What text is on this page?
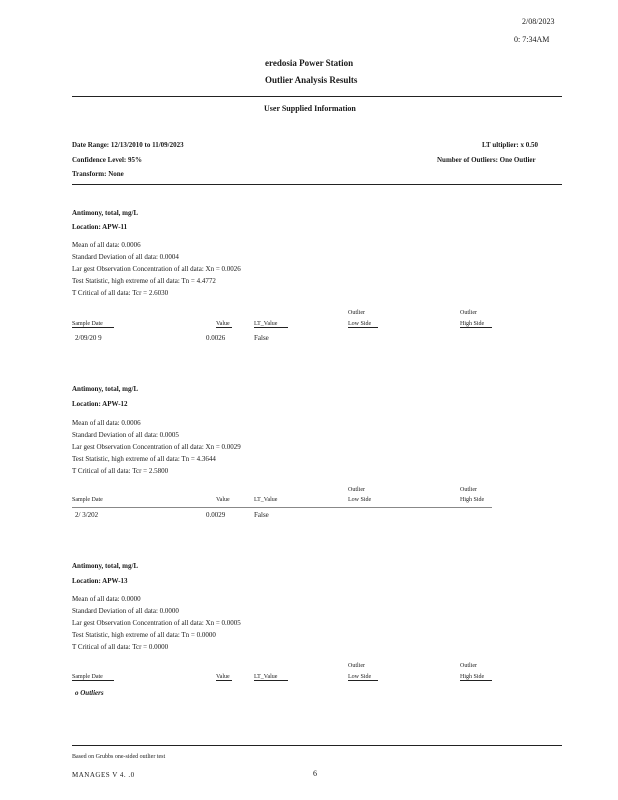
2/08/2023
0: 7:34AM
eredosia Power Station
Outlier Analysis Results
User Supplied Information
Date Range: 12/13/2010 to 11/09/2023
Confidence Level: 95%
Transform: None
LT ultiplier: x 0.50
Number of Outliers: One Outlier
Antimony, total, mg/L
Location: APW-11
Mean of all data: 0.0006
Standard Deviation of all data: 0.0004
Lar gest Observation Concentration of all data: Xn = 0.0026
Test Statistic, high extreme of all data: Tn = 4.4772
T Critical of all data: Tcr = 2.6030
Outlier	Outlier
Sample Date	Value	LT_Value	Low Side	High Side
2/09/20 9	0.0026	False
Antimony, total, mg/L
Location: APW-12
Mean of all data: 0.0006
Standard Deviation of all data: 0.0005
Lar gest Observation Concentration of all data: Xn = 0.0029
Test Statistic, high extreme of all data: Tn = 4.3644
T Critical of all data: Tcr = 2.5800
Outlier	Outlier
Sample Date	Value	LT_Value	Low Side	High Side
2/ 3/202	0.0029	False
Antimony, total, mg/L
Location: APW-13
Mean of all data: 0.0000
Standard Deviation of all data: 0.0000
Lar gest Observation Concentration of all data: Xn = 0.0005
Test Statistic, high extreme of all data: Tn = 0.0000
T Critical of all data: Tcr = 0.0000
Outlier	Outlier
Sample Date	Value	LT_Value	Low Side	High Side
o Outliers
Based on Grubbs one-sided outlier test
MANAGES V 4. .0	6
